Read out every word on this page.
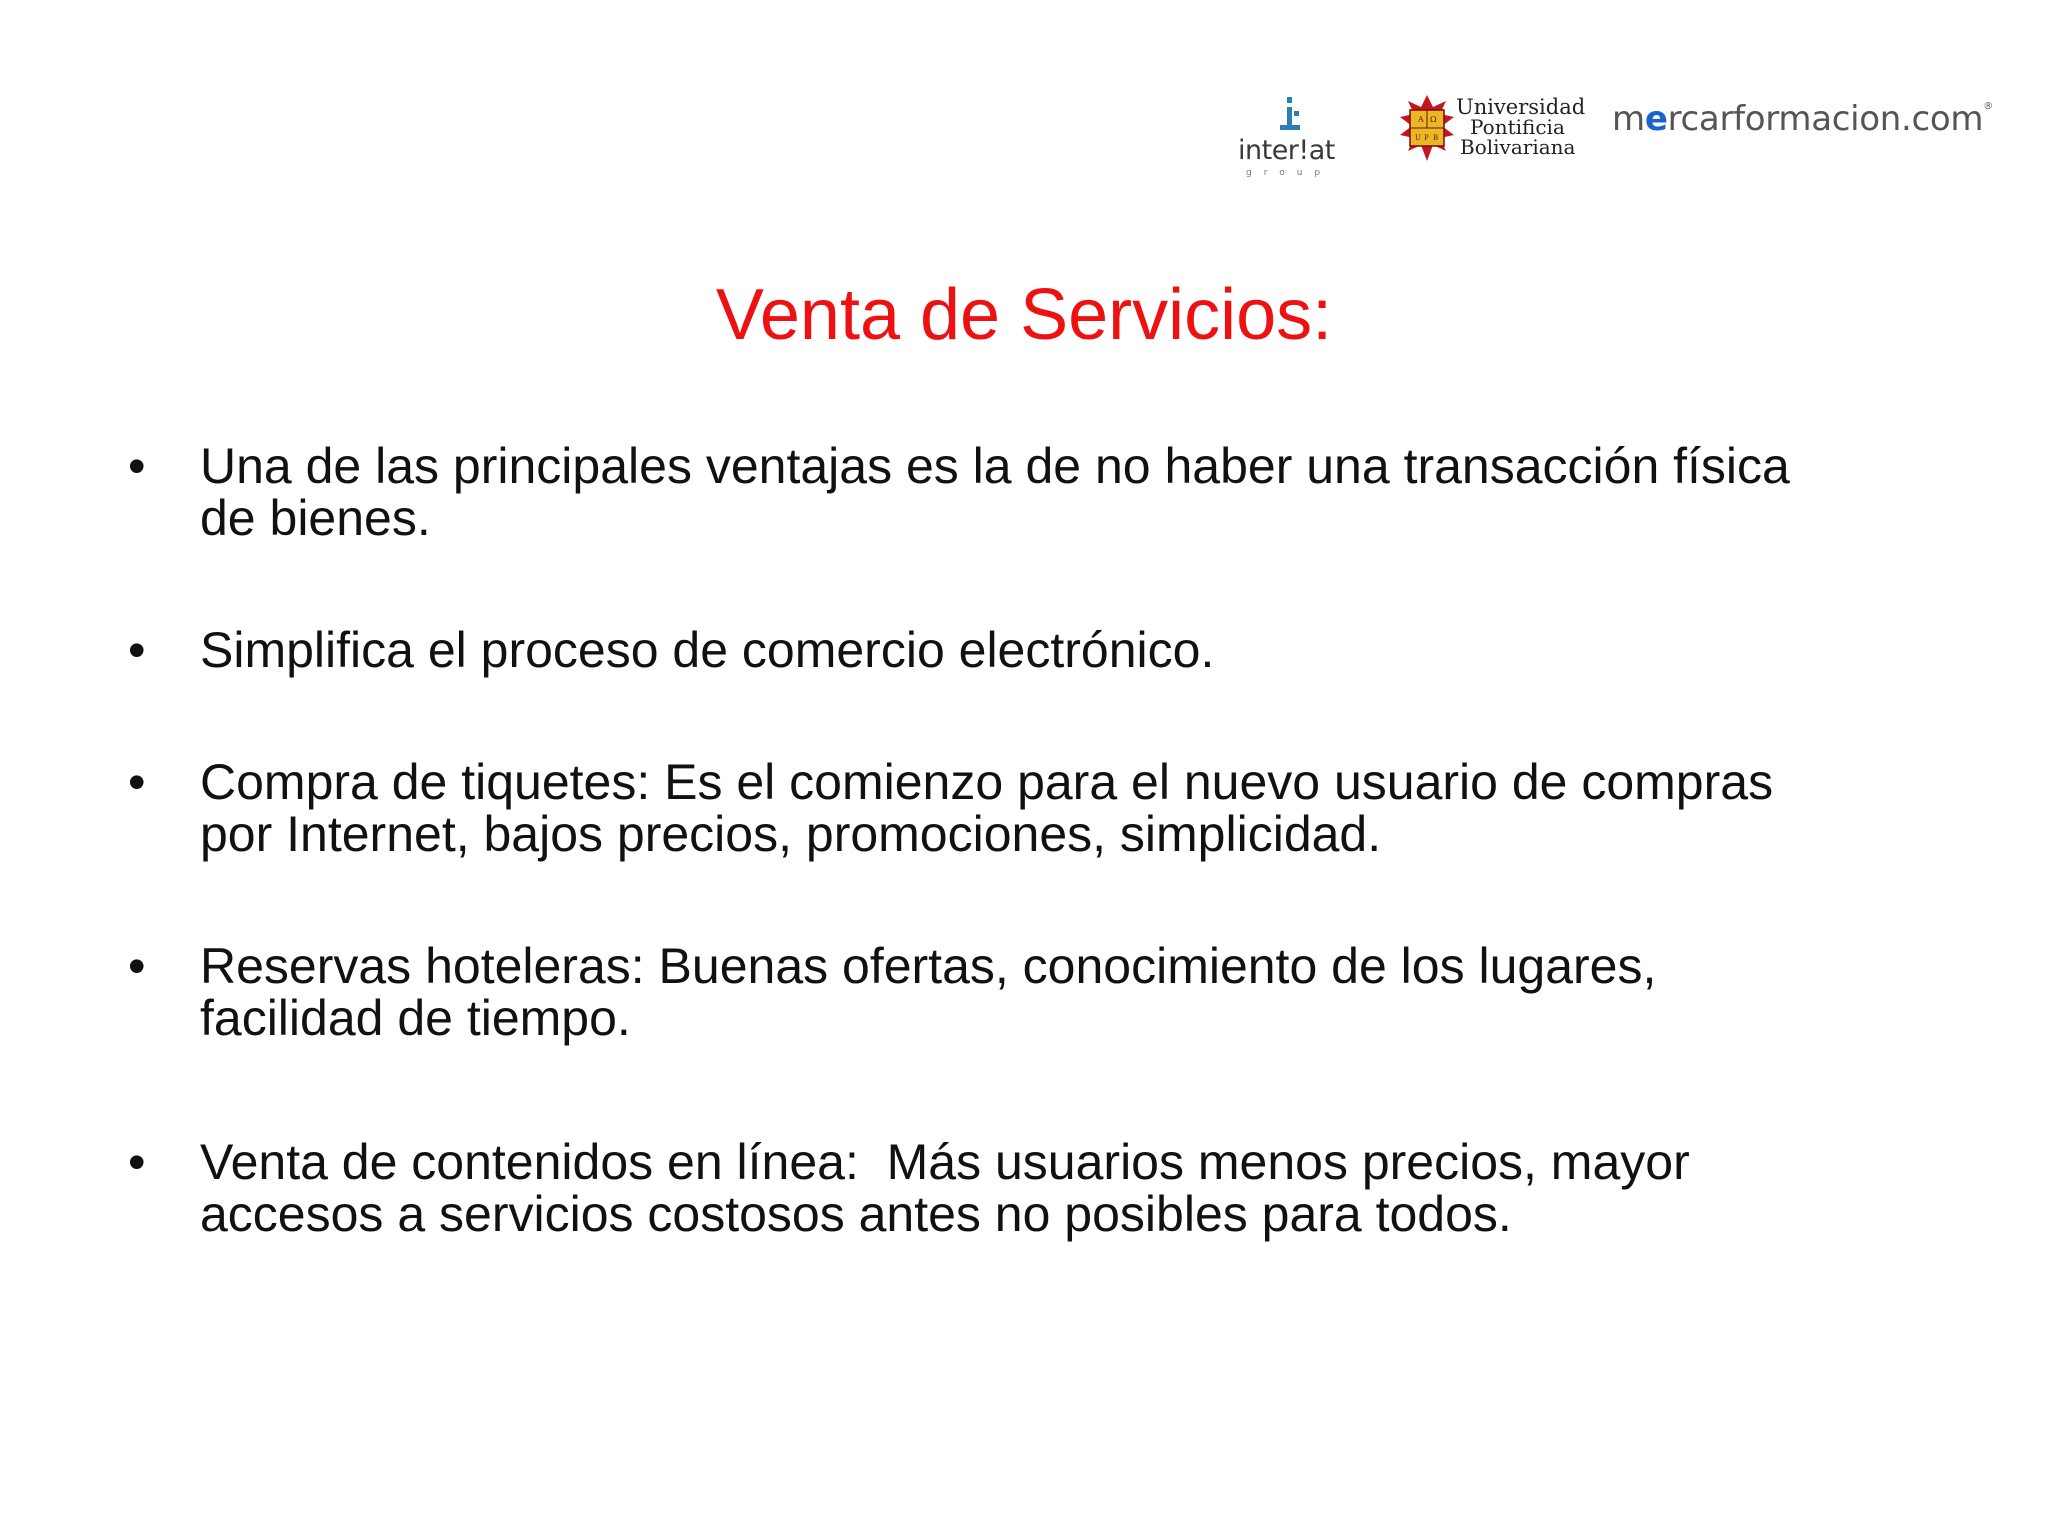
inter!at
group
A Ω
U P B
Universidad
Pontificia
Bolivariana
mercarformacion.com®
Venta de Servicios:
• Una de las principales ventajas es la de no haber una transacción física
de bienes.
• Simplifica el proceso de comercio electrónico.
• Compra de tiquetes: Es el comienzo para el nuevo usuario de compras
por Internet, bajos precios, promociones, simplicidad.
• Reservas hoteleras: Buenas ofertas, conocimiento de los lugares,
facilidad de tiempo.
• Venta de contenidos en línea:  Más usuarios menos precios, mayor
accesos a servicios costosos antes no posibles para todos.
